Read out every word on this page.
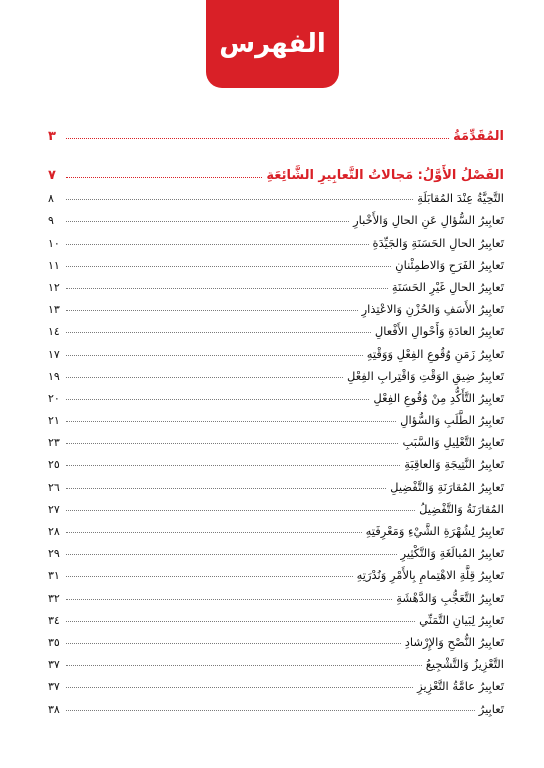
الفهرس
المُقَدِّمَةُ
٣
الفَصْلُ الأَوَّلُ: مَجالاتُ التَّعابِيرِ الشَّائِعَةِ
٧
التَّحِيَّةُ عِنْدَ المُقابَلَةِ
٨
تَعابِيرُ السُّؤالِ عَنِ الحالِ وَالأَخْبارِ
٩
تَعابِيرُ الحالِ الحَسَنَةِ وَالجَيِّدَةِ
١٠
تَعابِيرُ الفَرَحِ وَالاطمِئْنانِ
١١
تَعابِيرُ الحالِ غَيْرِ الحَسَنَةِ
١٢
تَعابِيرُ الأَسَفِ وَالحُزْنِ وَالاعْتِذارِ
١٣
تَعابِيرُ العادَةِ وَأَحْوالِ الأَفْعالِ
١٤
تَعابِيرُ زَمَنِ وُقُوعِ الفِعْلِ وَوَقْتِهِ
١٧
تَعابِيرُ ضِيقِ الوَقْتِ وَاقْتِرابِ الفِعْلِ
١٩
تَعابِيرُ التَّأَكُّدِ مِنْ وُقُوعِ الفِعْلِ
٢٠
تَعابِيرُ الطَّلَبِ وَالسُّؤالِ
٢١
تَعابِيرُ التَّعْلِيلِ وَالسَّبَبِ
٢٣
تَعابِيرُ النَّتِيجَةِ وَالعاقِبَةِ
٢٥
تَعابِيرُ المُقارَنَةِ وَالتَّفْضِيلِ
٢٦
المُقارَنَةُ وَالتَّفْضِيلُ
٢٧
تَعابِيرُ لِشُهْرَةِ الشَّيْءِ وَمَعْرِفَتِهِ
٢٨
تَعابِيرُ المُبالَغَةِ وَالتَّكْثِيرِ
٢٩
تَعابِيرُ قِلَّةِ الاهْتِمامِ بِالأَمْرِ وَنُدْرَتِهِ
٣١
تَعابِيرُ التَّعَجُّبِ وَالدَّهْشَةِ
٣٢
تَعابِيرُ لِبَيانِ التَّمَنِّي
٣٤
تَعابِيرُ النُّصْحِ وَالإِرْشادِ
٣٥
التَّعْزِيزُ وَالتَّشْجِيعُ
٣٧
تَعابِيرُ عامَّةُ التَّعْزِيزِ
٣٧
تَعابِيرُ
٣٨
